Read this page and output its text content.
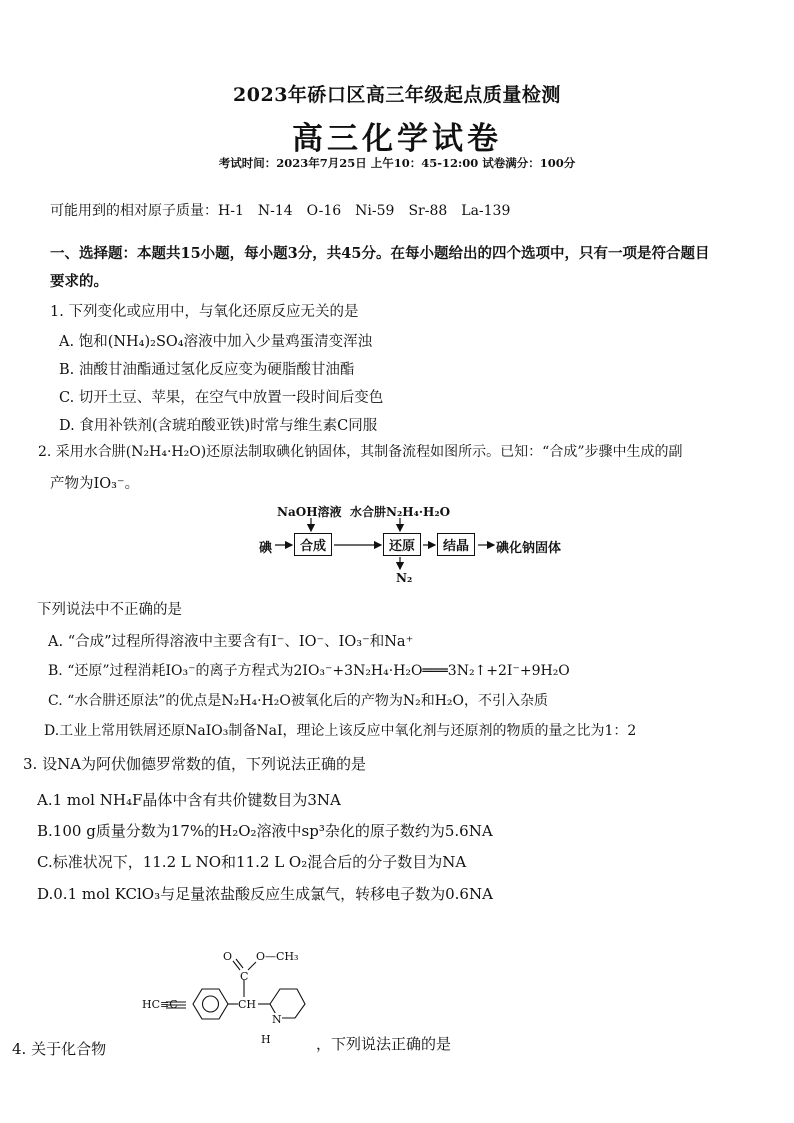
2023年硚口区高三年级起点质量检测
高三化学试卷
考试时间：2023年7月25日 上午10：45-12:00 试卷满分：100分
可能用到的相对原子质量：H-1　N-14　O-16　Ni-59　Sr-88　La-139
一、选择题：本题共15小题，每小题3分，共45分。在每小题给出的四个选项中，只有一项是符合题目
要求的。
1. 下列变化或应用中，与氧化还原反应无关的是
A. 饱和(NH₄)₂SO₄溶液中加入少量鸡蛋清变浑浊
B. 油酸甘油酯通过氢化反应变为硬脂酸甘油酯
C. 切开土豆、苹果，在空气中放置一段时间后变色
D. 食用补铁剂(含琥珀酸亚铁)时常与维生素C同服
2. 采用水合肼(N₂H₄·H₂O)还原法制取碘化钠固体，其制备流程如图所示。已知：“合成”步骤中生成的副
产物为IO₃⁻。
NaOH溶液 水合肼N₂H₄·H₂O
碘	合成	还原	结晶	碘化钠固体
N₂
下列说法中不正确的是
A. “合成”过程所得溶液中主要含有I⁻、IO⁻、IO₃⁻和Na⁺
B. “还原”过程消耗IO₃⁻的离子方程式为2IO₃⁻+3N₂H₄·H₂O═══3N₂↑+2I⁻+9H₂O
C. “水合肼还原法”的优点是N₂H₄·H₂O被氧化后的产物为N₂和H₂O，不引入杂质
D.工业上常用铁屑还原NaIO₃制备NaI，理论上该反应中氧化剂与还原剂的物质的量之比为1：2
3. 设NA为阿伏伽德罗常数的值，下列说法正确的是
A.1 mol NH₄F晶体中含有共价键数目为3NA
B.100 g质量分数为17%的H₂O₂溶液中sp³杂化的原子数约为5.6NA
C.标准状况下，11.2 L NO和11.2 L O₂混合后的分子数目为NA
D.0.1 mol KClO₃与足量浓盐酸反应生成氯气，转移电子数为0.6NA
4. 关于化合物	，下列说法正确的是
HC≡C
O O—CH₃
C
CH
N
H
